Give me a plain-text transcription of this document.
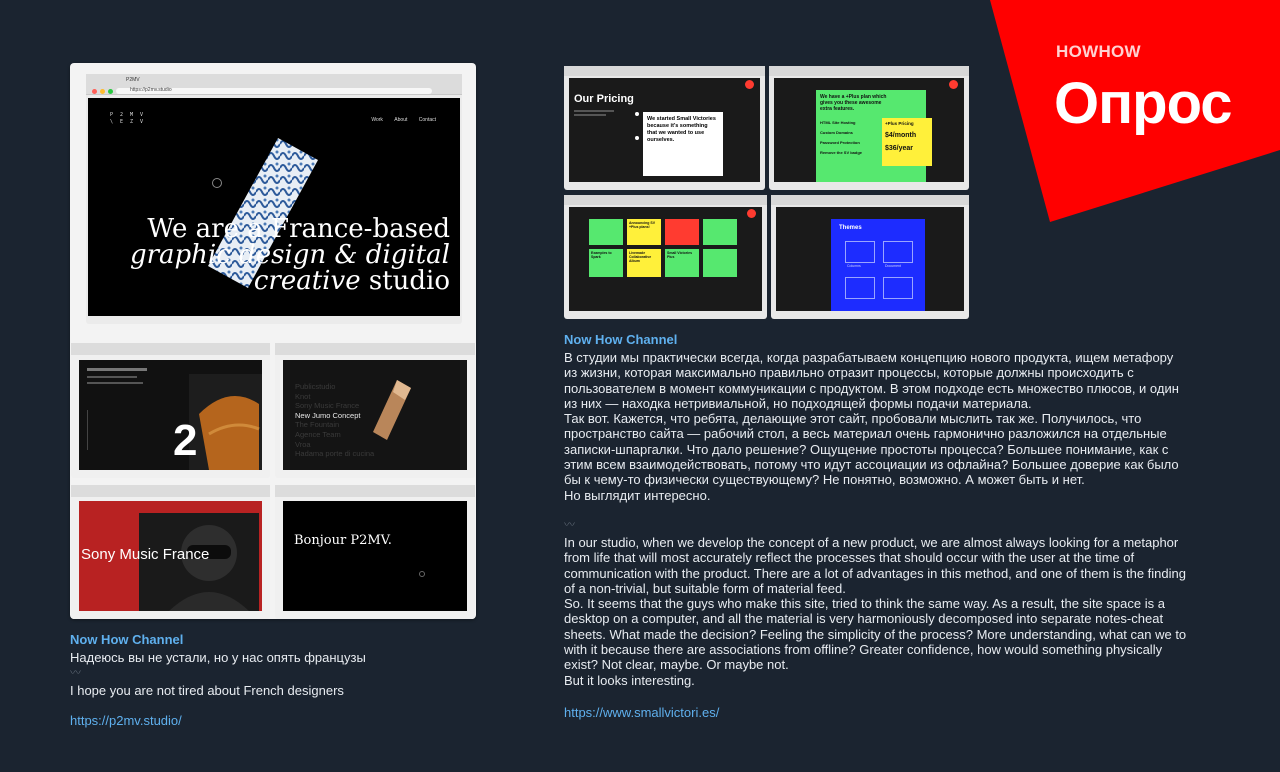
HOWHOW
Опрос
P2MV
https://p2mv.studio
P 2 M V
\ E Z V	Work About Contact
We are a France-based
graphic design & digital
creative studio
2
Publicstudio
Knot
Sony Music France
New Jumo Concept
The Fountain
Agence Team
Vroa
Hadama porte di cucina
Sony Music France
Bonjour P2MV.
Now How Channel
Надеюсь вы не устали, но у нас опять французы
〰
I hope you are not tired about French designers
https://p2mv.studio/
Our Pricing
We started Small Victories because it’s something that we wanted to use ourselves.
We have a +Plus plan which gives you these awesome extra features.
HTML Site Hosting
Custom Domains
Password Protection
Remove the SV badge
+Plus Pricing
$4/month
$36/year
Announcing SV +Plus plans!
Examples to Spark
Livemade Collaborative Album
Small Victories Plus
Themes
Columns	Document
Now How Channel
В студии мы практически всегда, когда разрабатываем концепцию нового продукта, ищем метафору из жизни, которая максимально правильно отразит процессы, которые должны происходить с пользователем в момент коммуникации с продуктом. В этом подходе есть множество плюсов, и один из них — находка нетривиальной, но подходящей формы подачи материала.
Так вот. Кажется, что ребята, делающие этот сайт, пробовали мыслить так же. Получилось, что пространство сайта — рабочий стол, а весь материал очень гармонично разложился на отдельные записки-шпаргалки. Что дало решение? Ощущение простоты процесса? Большее понимание, как с этим всем взаимодействовать, потому что идут ассоциации из офлайна? Большее доверие как было бы к чему-то физически существующему? Не понятно, возможно. А может быть и нет.
Но выглядит интересно.
〰
In our studio, when we develop the concept of a new product, we are almost always looking for a metaphor from life that will most accurately reflect the processes that should occur with the user at the time of communication with the product. There are a lot of advantages in this method, and one of them is the finding of a non-trivial, but suitable form of material feed.
So. It seems that the guys who make this site, tried to think the same way. As a result, the site space is a desktop on a computer, and all the material is very harmoniously decomposed into separate notes-cheat sheets. What made the decision? Feeling the simplicity of the process? More understanding, what can we to with it because there are associations from offline? Greater confidence, how would something physically exist? Not clear, maybe. Or maybe not.
But it looks interesting.
https://www.smallvictori.es/
